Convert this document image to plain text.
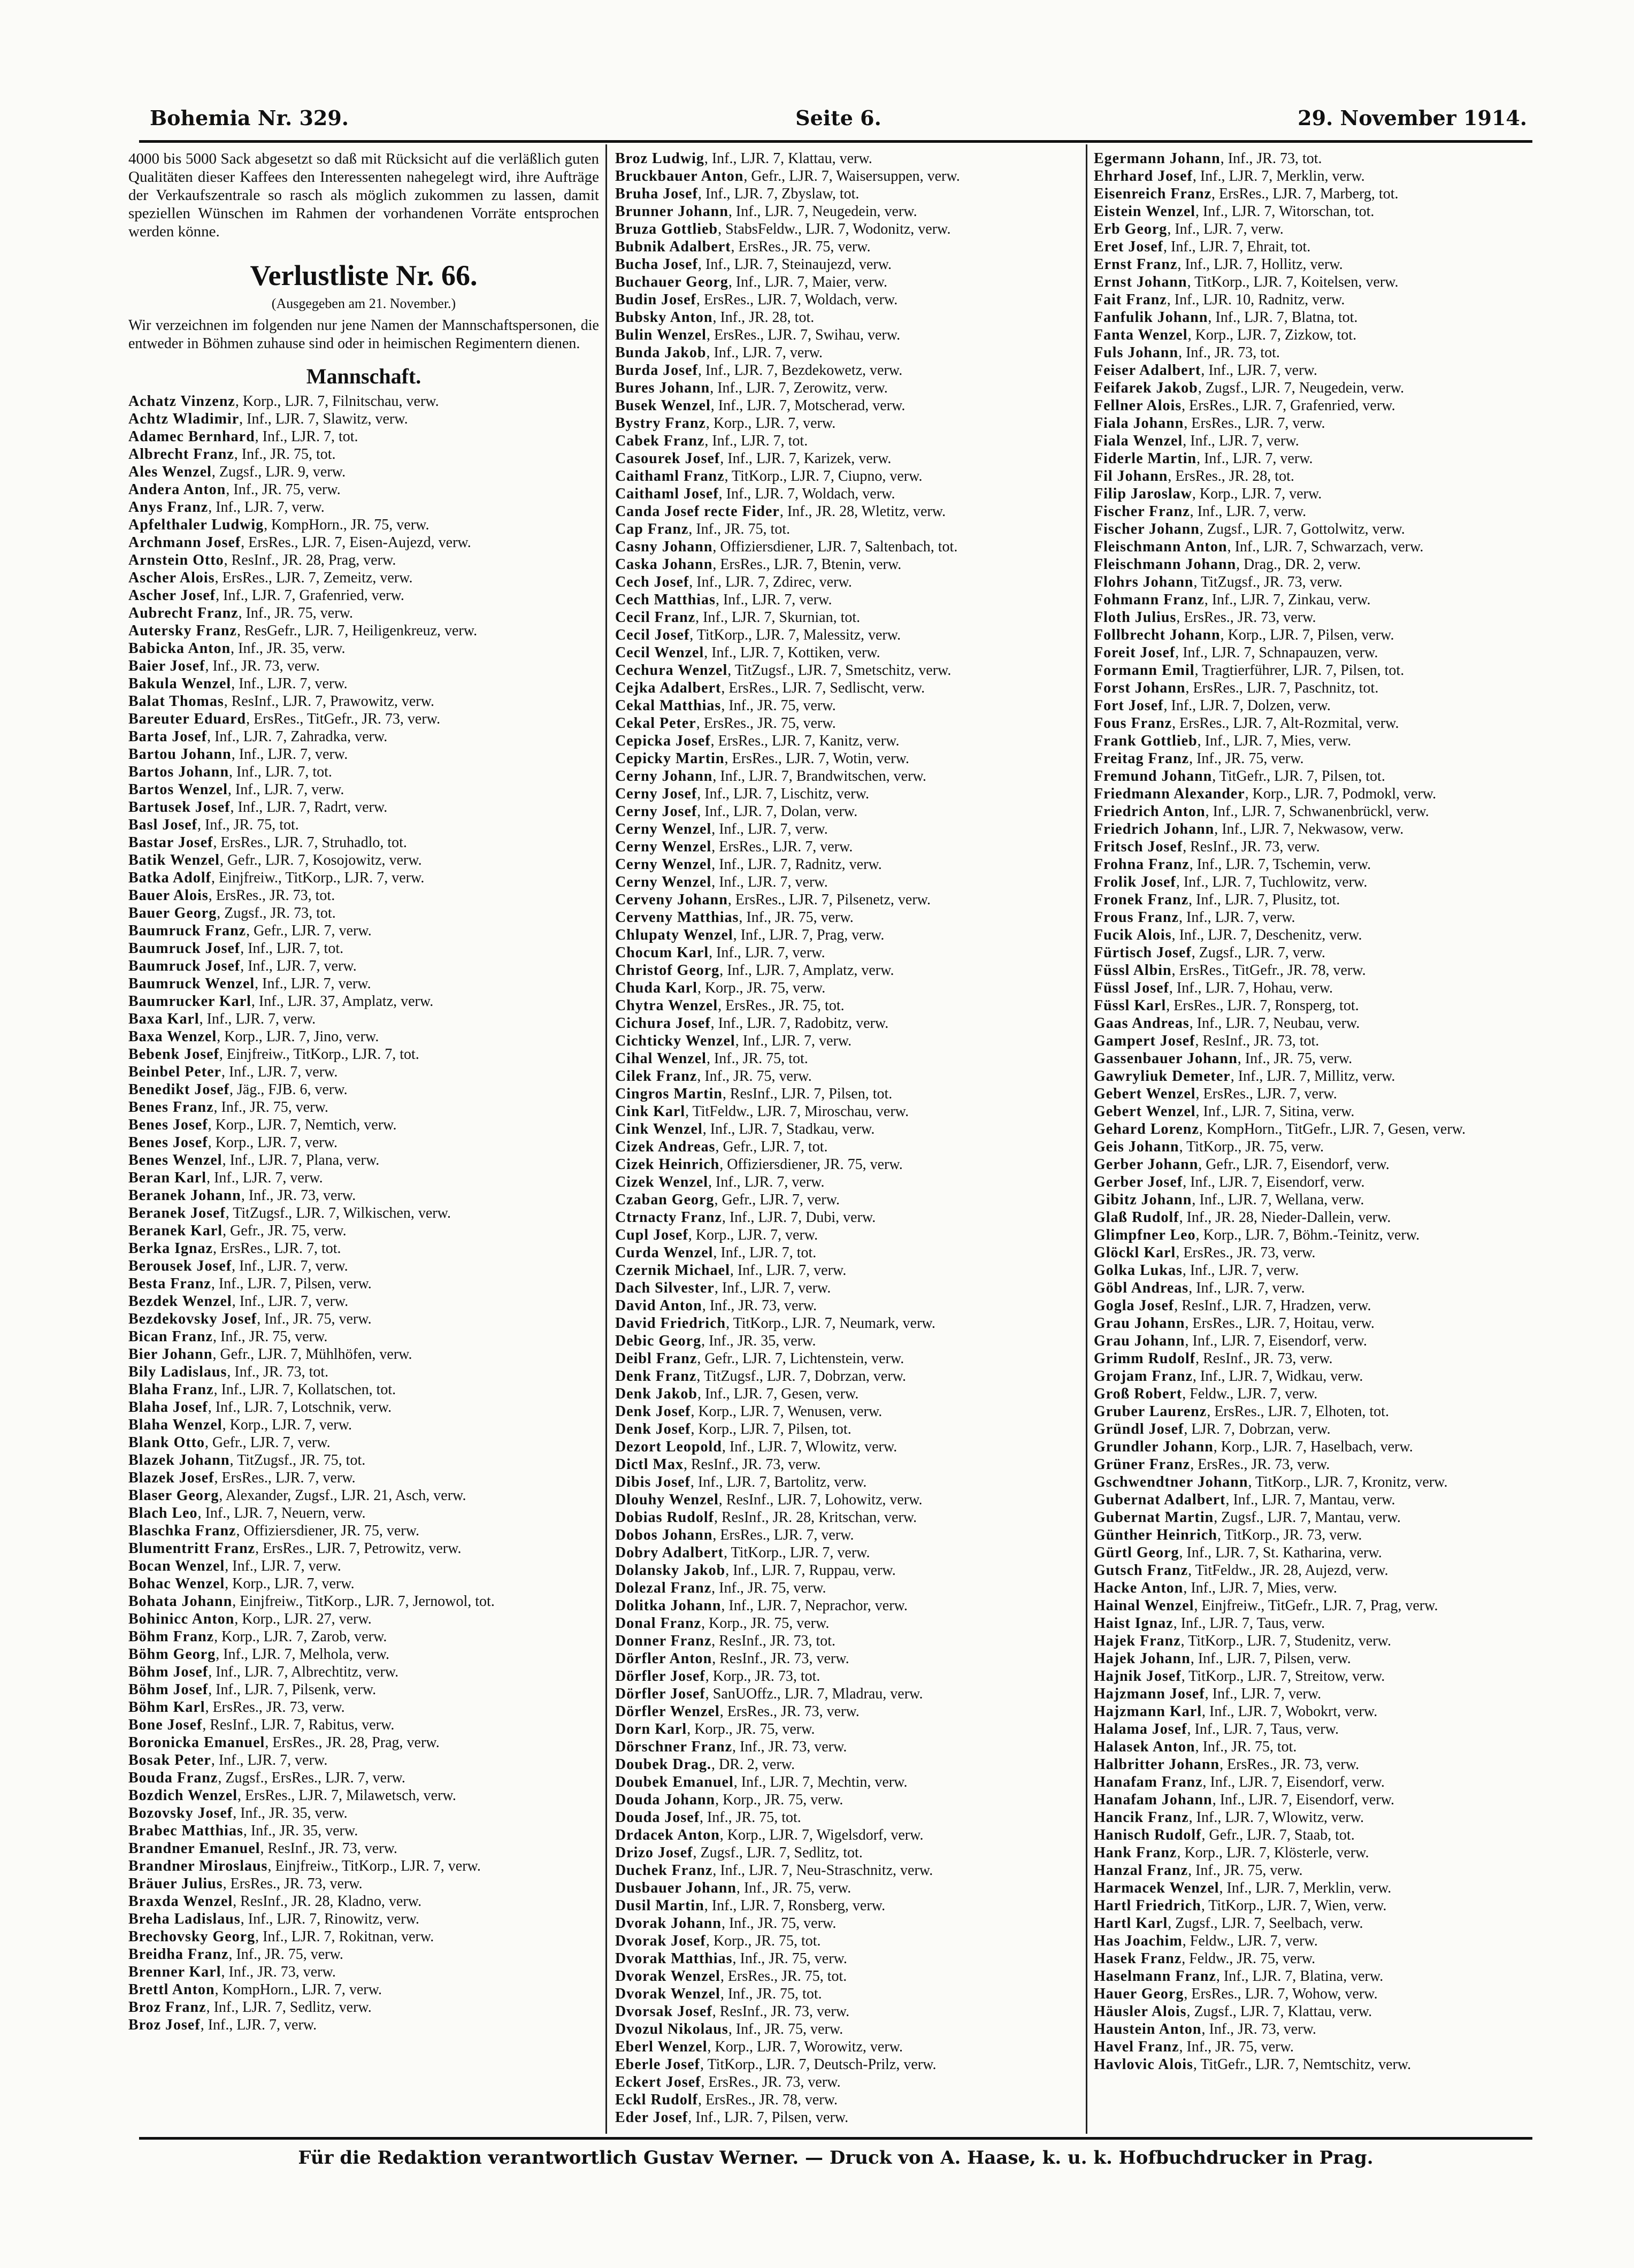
Bohemia Nr. 329.	Seite 6.	29. November 1914.
4000 bis 5000 Sack abgesetzt so daß mit Rücksicht auf die verläßlich guten Qualitäten dieser Kaffees den Interessenten nahegelegt wird, ihre Aufträge der Verkaufszentrale so rasch als möglich zukommen zu lassen, damit speziellen Wünschen im Rahmen der vorhandenen Vorräte entsprochen werden könne.
Verlustliste Nr. 66.
(Ausgegeben am 21. November.)
Wir verzeichnen im folgenden nur jene Namen der Mannschaftspersonen, die entweder in Böhmen zuhause sind oder in heimischen Regimentern dienen.
Mannschaft.
Achatz Vinzenz, Korp., LJR. 7, Filnitschau, verw.
Achtz Wladimir, Inf., LJR. 7, Slawitz, verw.
Adamec Bernhard, Inf., LJR. 7, tot.
Albrecht Franz, Inf., JR. 75, tot.
Ales Wenzel, Zugsf., LJR. 9, verw.
Andera Anton, Inf., JR. 75, verw.
Anys Franz, Inf., LJR. 7, verw.
Apfelthaler Ludwig, KompHorn., JR. 75, verw.
Archmann Josef, ErsRes., LJR. 7, Eisen-Aujezd, verw.
Arnstein Otto, ResInf., JR. 28, Prag, verw.
Ascher Alois, ErsRes., LJR. 7, Zemeitz, verw.
Ascher Josef, Inf., LJR. 7, Grafenried, verw.
Aubrecht Franz, Inf., JR. 75, verw.
Autersky Franz, ResGefr., LJR. 7, Heiligenkreuz, verw.
Babicka Anton, Inf., JR. 35, verw.
Baier Josef, Inf., JR. 73, verw.
Bakula Wenzel, Inf., LJR. 7, verw.
Balat Thomas, ResInf., LJR. 7, Prawowitz, verw.
Bareuter Eduard, ErsRes., TitGefr., JR. 73, verw.
Barta Josef, Inf., LJR. 7, Zahradka, verw.
Bartou Johann, Inf., LJR. 7, verw.
Bartos Johann, Inf., LJR. 7, tot.
Bartos Wenzel, Inf., LJR. 7, verw.
Bartusek Josef, Inf., LJR. 7, Radrt, verw.
Basl Josef, Inf., JR. 75, tot.
Bastar Josef, ErsRes., LJR. 7, Struhadlo, tot.
Batik Wenzel, Gefr., LJR. 7, Kosojowitz, verw.
Batka Adolf, Einjfreiw., TitKorp., LJR. 7, verw.
Bauer Alois, ErsRes., JR. 73, tot.
Bauer Georg, Zugsf., JR. 73, tot.
Baumruck Franz, Gefr., LJR. 7, verw.
Baumruck Josef, Inf., LJR. 7, tot.
Baumruck Josef, Inf., LJR. 7, verw.
Baumruck Wenzel, Inf., LJR. 7, verw.
Baumrucker Karl, Inf., LJR. 37, Amplatz, verw.
Baxa Karl, Inf., LJR. 7, verw.
Baxa Wenzel, Korp., LJR. 7, Jino, verw.
Bebenk Josef, Einjfreiw., TitKorp., LJR. 7, tot.
Beinbel Peter, Inf., LJR. 7, verw.
Benedikt Josef, Jäg., FJB. 6, verw.
Benes Franz, Inf., JR. 75, verw.
Benes Josef, Korp., LJR. 7, Nemtich, verw.
Benes Josef, Korp., LJR. 7, verw.
Benes Wenzel, Inf., LJR. 7, Plana, verw.
Beran Karl, Inf., LJR. 7, verw.
Beranek Johann, Inf., JR. 73, verw.
Beranek Josef, TitZugsf., LJR. 7, Wilkischen, verw.
Beranek Karl, Gefr., JR. 75, verw.
Berka Ignaz, ErsRes., LJR. 7, tot.
Berousek Josef, Inf., LJR. 7, verw.
Besta Franz, Inf., LJR. 7, Pilsen, verw.
Bezdek Wenzel, Inf., LJR. 7, verw.
Bezdekovsky Josef, Inf., JR. 75, verw.
Bican Franz, Inf., JR. 75, verw.
Bier Johann, Gefr., LJR. 7, Mühlhöfen, verw.
Bily Ladislaus, Inf., JR. 73, tot.
Blaha Franz, Inf., LJR. 7, Kollatschen, tot.
Blaha Josef, Inf., LJR. 7, Lotschnik, verw.
Blaha Wenzel, Korp., LJR. 7, verw.
Blank Otto, Gefr., LJR. 7, verw.
Blazek Johann, TitZugsf., JR. 75, tot.
Blazek Josef, ErsRes., LJR. 7, verw.
Blaser Georg, Alexander, Zugsf., LJR. 21, Asch, verw.
Blach Leo, Inf., LJR. 7, Neuern, verw.
Blaschka Franz, Offiziersdiener, JR. 75, verw.
Blumentritt Franz, ErsRes., LJR. 7, Petrowitz, verw.
Bocan Wenzel, Inf., LJR. 7, verw.
Bohac Wenzel, Korp., LJR. 7, verw.
Bohata Johann, Einjfreiw., TitKorp., LJR. 7, Jernowol, tot.
Bohinicc Anton, Korp., LJR. 27, verw.
Böhm Franz, Korp., LJR. 7, Zarob, verw.
Böhm Georg, Inf., LJR. 7, Melhola, verw.
Böhm Josef, Inf., LJR. 7, Albrechtitz, verw.
Böhm Josef, Inf., LJR. 7, Pilsenk, verw.
Böhm Karl, ErsRes., JR. 73, verw.
Bone Josef, ResInf., LJR. 7, Rabitus, verw.
Boronicka Emanuel, ErsRes., JR. 28, Prag, verw.
Bosak Peter, Inf., LJR. 7, verw.
Bouda Franz, Zugsf., ErsRes., LJR. 7, verw.
Bozdich Wenzel, ErsRes., LJR. 7, Milawetsch, verw.
Bozovsky Josef, Inf., JR. 35, verw.
Brabec Matthias, Inf., JR. 35, verw.
Brandner Emanuel, ResInf., JR. 73, verw.
Brandner Miroslaus, Einjfreiw., TitKorp., LJR. 7, verw.
Bräuer Julius, ErsRes., JR. 73, verw.
Braxda Wenzel, ResInf., JR. 28, Kladno, verw.
Breha Ladislaus, Inf., LJR. 7, Rinowitz, verw.
Brechovsky Georg, Inf., LJR. 7, Rokitnan, verw.
Breidha Franz, Inf., JR. 75, verw.
Brenner Karl, Inf., JR. 73, verw.
Brettl Anton, KompHorn., LJR. 7, verw.
Broz Franz, Inf., LJR. 7, Sedlitz, verw.
Broz Josef, Inf., LJR. 7, verw.
Broz Ludwig, Inf., LJR. 7, Klattau, verw.
Bruckbauer Anton, Gefr., LJR. 7, Waisersuppen, verw.
Bruha Josef, Inf., LJR. 7, Zbyslaw, tot.
Brunner Johann, Inf., LJR. 7, Neugedein, verw.
Bruza Gottlieb, StabsFeldw., LJR. 7, Wodonitz, verw.
Bubnik Adalbert, ErsRes., JR. 75, verw.
Bucha Josef, Inf., LJR. 7, Steinaujezd, verw.
Buchauer Georg, Inf., LJR. 7, Maier, verw.
Budin Josef, ErsRes., LJR. 7, Woldach, verw.
Bubsky Anton, Inf., JR. 28, tot.
Bulin Wenzel, ErsRes., LJR. 7, Swihau, verw.
Bunda Jakob, Inf., LJR. 7, verw.
Burda Josef, Inf., LJR. 7, Bezdekowetz, verw.
Bures Johann, Inf., LJR. 7, Zerowitz, verw.
Busek Wenzel, Inf., LJR. 7, Motscherad, verw.
Bystry Franz, Korp., LJR. 7, verw.
Cabek Franz, Inf., LJR. 7, tot.
Casourek Josef, Inf., LJR. 7, Karizek, verw.
Caithaml Franz, TitKorp., LJR. 7, Ciupno, verw.
Caithaml Josef, Inf., LJR. 7, Woldach, verw.
Canda Josef recte Fider, Inf., JR. 28, Wletitz, verw.
Cap Franz, Inf., JR. 75, tot.
Casny Johann, Offiziersdiener, LJR. 7, Saltenbach, tot.
Caska Johann, ErsRes., LJR. 7, Btenin, verw.
Cech Josef, Inf., LJR. 7, Zdirec, verw.
Cech Matthias, Inf., LJR. 7, verw.
Cecil Franz, Inf., LJR. 7, Skurnian, tot.
Cecil Josef, TitKorp., LJR. 7, Malessitz, verw.
Cecil Wenzel, Inf., LJR. 7, Kottiken, verw.
Cechura Wenzel, TitZugsf., LJR. 7, Smetschitz, verw.
Cejka Adalbert, ErsRes., LJR. 7, Sedlischt, verw.
Cekal Matthias, Inf., JR. 75, verw.
Cekal Peter, ErsRes., JR. 75, verw.
Cepicka Josef, ErsRes., LJR. 7, Kanitz, verw.
Cepicky Martin, ErsRes., LJR. 7, Wotin, verw.
Cerny Johann, Inf., LJR. 7, Brandwitschen, verw.
Cerny Josef, Inf., LJR. 7, Lischitz, verw.
Cerny Josef, Inf., LJR. 7, Dolan, verw.
Cerny Wenzel, Inf., LJR. 7, verw.
Cerny Wenzel, ErsRes., LJR. 7, verw.
Cerny Wenzel, Inf., LJR. 7, Radnitz, verw.
Cerny Wenzel, Inf., LJR. 7, verw.
Cerveny Johann, ErsRes., LJR. 7, Pilsenetz, verw.
Cerveny Matthias, Inf., JR. 75, verw.
Chlupaty Wenzel, Inf., LJR. 7, Prag, verw.
Chocum Karl, Inf., LJR. 7, verw.
Christof Georg, Inf., LJR. 7, Amplatz, verw.
Chuda Karl, Korp., JR. 75, verw.
Chytra Wenzel, ErsRes., JR. 75, tot.
Cichura Josef, Inf., LJR. 7, Radobitz, verw.
Cichticky Wenzel, Inf., LJR. 7, verw.
Cihal Wenzel, Inf., JR. 75, tot.
Cilek Franz, Inf., JR. 75, verw.
Cingros Martin, ResInf., LJR. 7, Pilsen, tot.
Cink Karl, TitFeldw., LJR. 7, Miroschau, verw.
Cink Wenzel, Inf., LJR. 7, Stadkau, verw.
Cizek Andreas, Gefr., LJR. 7, tot.
Cizek Heinrich, Offiziersdiener, JR. 75, verw.
Cizek Wenzel, Inf., LJR. 7, verw.
Czaban Georg, Gefr., LJR. 7, verw.
Ctrnacty Franz, Inf., LJR. 7, Dubi, verw.
Cupl Josef, Korp., LJR. 7, verw.
Curda Wenzel, Inf., LJR. 7, tot.
Czernik Michael, Inf., LJR. 7, verw.
Dach Silvester, Inf., LJR. 7, verw.
David Anton, Inf., JR. 73, verw.
David Friedrich, TitKorp., LJR. 7, Neumark, verw.
Debic Georg, Inf., JR. 35, verw.
Deibl Franz, Gefr., LJR. 7, Lichtenstein, verw.
Denk Franz, TitZugsf., LJR. 7, Dobrzan, verw.
Denk Jakob, Inf., LJR. 7, Gesen, verw.
Denk Josef, Korp., LJR. 7, Wenusen, verw.
Denk Josef, Korp., LJR. 7, Pilsen, tot.
Dezort Leopold, Inf., LJR. 7, Wlowitz, verw.
Dictl Max, ResInf., JR. 73, verw.
Dibis Josef, Inf., LJR. 7, Bartolitz, verw.
Dlouhy Wenzel, ResInf., LJR. 7, Lohowitz, verw.
Dobias Rudolf, ResInf., JR. 28, Kritschan, verw.
Dobos Johann, ErsRes., LJR. 7, verw.
Dobry Adalbert, TitKorp., LJR. 7, verw.
Dolansky Jakob, Inf., LJR. 7, Ruppau, verw.
Dolezal Franz, Inf., JR. 75, verw.
Dolitka Johann, Inf., LJR. 7, Neprachor, verw.
Donal Franz, Korp., JR. 75, verw.
Donner Franz, ResInf., JR. 73, tot.
Dörfler Anton, ResInf., JR. 73, verw.
Dörfler Josef, Korp., JR. 73, tot.
Dörfler Josef, SanUOffz., LJR. 7, Mladrau, verw.
Dörfler Wenzel, ErsRes., JR. 73, verw.
Dorn Karl, Korp., JR. 75, verw.
Dörschner Franz, Inf., JR. 73, verw.
Doubek Drag., DR. 2, verw.
Doubek Emanuel, Inf., LJR. 7, Mechtin, verw.
Douda Johann, Korp., JR. 75, verw.
Douda Josef, Inf., JR. 75, tot.
Drdacek Anton, Korp., LJR. 7, Wigelsdorf, verw.
Drizo Josef, Zugsf., LJR. 7, Sedlitz, tot.
Duchek Franz, Inf., LJR. 7, Neu-Straschnitz, verw.
Dusbauer Johann, Inf., JR. 75, verw.
Dusil Martin, Inf., LJR. 7, Ronsberg, verw.
Dvorak Johann, Inf., JR. 75, verw.
Dvorak Josef, Korp., JR. 75, tot.
Dvorak Matthias, Inf., JR. 75, verw.
Dvorak Wenzel, ErsRes., JR. 75, tot.
Dvorak Wenzel, Inf., JR. 75, tot.
Dvorsak Josef, ResInf., JR. 73, verw.
Dvozul Nikolaus, Inf., JR. 75, verw.
Eberl Wenzel, Korp., LJR. 7, Worowitz, verw.
Eberle Josef, TitKorp., LJR. 7, Deutsch-Prilz, verw.
Eckert Josef, ErsRes., JR. 73, verw.
Eckl Rudolf, ErsRes., JR. 78, verw.
Eder Josef, Inf., LJR. 7, Pilsen, verw.
Egermann Johann, Inf., JR. 73, tot.
Ehrhard Josef, Inf., LJR. 7, Merklin, verw.
Eisenreich Franz, ErsRes., LJR. 7, Marberg, tot.
Eistein Wenzel, Inf., LJR. 7, Witorschan, tot.
Erb Georg, Inf., LJR. 7, verw.
Eret Josef, Inf., LJR. 7, Ehrait, tot.
Ernst Franz, Inf., LJR. 7, Hollitz, verw.
Ernst Johann, TitKorp., LJR. 7, Koitelsen, verw.
Fait Franz, Inf., LJR. 10, Radnitz, verw.
Fanfulik Johann, Inf., LJR. 7, Blatna, tot.
Fanta Wenzel, Korp., LJR. 7, Zizkow, tot.
Fuls Johann, Inf., JR. 73, tot.
Feiser Adalbert, Inf., LJR. 7, verw.
Feifarek Jakob, Zugsf., LJR. 7, Neugedein, verw.
Fellner Alois, ErsRes., LJR. 7, Grafenried, verw.
Fiala Johann, ErsRes., LJR. 7, verw.
Fiala Wenzel, Inf., LJR. 7, verw.
Fiderle Martin, Inf., LJR. 7, verw.
Fil Johann, ErsRes., JR. 28, tot.
Filip Jaroslaw, Korp., LJR. 7, verw.
Fischer Franz, Inf., LJR. 7, verw.
Fischer Johann, Zugsf., LJR. 7, Gottolwitz, verw.
Fleischmann Anton, Inf., LJR. 7, Schwarzach, verw.
Fleischmann Johann, Drag., DR. 2, verw.
Flohrs Johann, TitZugsf., JR. 73, verw.
Fohmann Franz, Inf., LJR. 7, Zinkau, verw.
Floth Julius, ErsRes., JR. 73, verw.
Follbrecht Johann, Korp., LJR. 7, Pilsen, verw.
Foreit Josef, Inf., LJR. 7, Schnapauzen, verw.
Formann Emil, Tragtierführer, LJR. 7, Pilsen, tot.
Forst Johann, ErsRes., LJR. 7, Paschnitz, tot.
Fort Josef, Inf., LJR. 7, Dolzen, verw.
Fous Franz, ErsRes., LJR. 7, Alt-Rozmital, verw.
Frank Gottlieb, Inf., LJR. 7, Mies, verw.
Freitag Franz, Inf., JR. 75, verw.
Fremund Johann, TitGefr., LJR. 7, Pilsen, tot.
Friedmann Alexander, Korp., LJR. 7, Podmokl, verw.
Friedrich Anton, Inf., LJR. 7, Schwanenbrückl, verw.
Friedrich Johann, Inf., LJR. 7, Nekwasow, verw.
Fritsch Josef, ResInf., JR. 73, verw.
Frohna Franz, Inf., LJR. 7, Tschemin, verw.
Frolik Josef, Inf., LJR. 7, Tuchlowitz, verw.
Fronek Franz, Inf., LJR. 7, Plusitz, tot.
Frous Franz, Inf., LJR. 7, verw.
Fucik Alois, Inf., LJR. 7, Deschenitz, verw.
Fürtisch Josef, Zugsf., LJR. 7, verw.
Füssl Albin, ErsRes., TitGefr., JR. 78, verw.
Füssl Josef, Inf., LJR. 7, Hohau, verw.
Füssl Karl, ErsRes., LJR. 7, Ronsperg, tot.
Gaas Andreas, Inf., LJR. 7, Neubau, verw.
Gampert Josef, ResInf., JR. 73, tot.
Gassenbauer Johann, Inf., JR. 75, verw.
Gawryliuk Demeter, Inf., LJR. 7, Millitz, verw.
Gebert Wenzel, ErsRes., LJR. 7, verw.
Gebert Wenzel, Inf., LJR. 7, Sitina, verw.
Gehard Lorenz, KompHorn., TitGefr., LJR. 7, Gesen, verw.
Geis Johann, TitKorp., JR. 75, verw.
Gerber Johann, Gefr., LJR. 7, Eisendorf, verw.
Gerber Josef, Inf., LJR. 7, Eisendorf, verw.
Gibitz Johann, Inf., LJR. 7, Wellana, verw.
Glaß Rudolf, Inf., JR. 28, Nieder-Dallein, verw.
Glimpfner Leo, Korp., LJR. 7, Böhm.-Teinitz, verw.
Glöckl Karl, ErsRes., JR. 73, verw.
Golka Lukas, Inf., LJR. 7, verw.
Göbl Andreas, Inf., LJR. 7, verw.
Gogla Josef, ResInf., LJR. 7, Hradzen, verw.
Grau Johann, ErsRes., LJR. 7, Hoitau, verw.
Grau Johann, Inf., LJR. 7, Eisendorf, verw.
Grimm Rudolf, ResInf., JR. 73, verw.
Grojam Franz, Inf., LJR. 7, Widkau, verw.
Groß Robert, Feldw., LJR. 7, verw.
Gruber Laurenz, ErsRes., LJR. 7, Elhoten, tot.
Gründl Josef, LJR. 7, Dobrzan, verw.
Grundler Johann, Korp., LJR. 7, Haselbach, verw.
Grüner Franz, ErsRes., JR. 73, verw.
Gschwendtner Johann, TitKorp., LJR. 7, Kronitz, verw.
Gubernat Adalbert, Inf., LJR. 7, Mantau, verw.
Gubernat Martin, Zugsf., LJR. 7, Mantau, verw.
Günther Heinrich, TitKorp., JR. 73, verw.
Gürtl Georg, Inf., LJR. 7, St. Katharina, verw.
Gutsch Franz, TitFeldw., JR. 28, Aujezd, verw.
Hacke Anton, Inf., LJR. 7, Mies, verw.
Hainal Wenzel, Einjfreiw., TitGefr., LJR. 7, Prag, verw.
Haist Ignaz, Inf., LJR. 7, Taus, verw.
Hajek Franz, TitKorp., LJR. 7, Studenitz, verw.
Hajek Johann, Inf., LJR. 7, Pilsen, verw.
Hajnik Josef, TitKorp., LJR. 7, Streitow, verw.
Hajzmann Josef, Inf., LJR. 7, verw.
Hajzmann Karl, Inf., LJR. 7, Wobokrt, verw.
Halama Josef, Inf., LJR. 7, Taus, verw.
Halasek Anton, Inf., JR. 75, tot.
Halbritter Johann, ErsRes., JR. 73, verw.
Hanafam Franz, Inf., LJR. 7, Eisendorf, verw.
Hanafam Johann, Inf., LJR. 7, Eisendorf, verw.
Hancik Franz, Inf., LJR. 7, Wlowitz, verw.
Hanisch Rudolf, Gefr., LJR. 7, Staab, tot.
Hank Franz, Korp., LJR. 7, Klösterle, verw.
Hanzal Franz, Inf., JR. 75, verw.
Harmacek Wenzel, Inf., LJR. 7, Merklin, verw.
Hartl Friedrich, TitKorp., LJR. 7, Wien, verw.
Hartl Karl, Zugsf., LJR. 7, Seelbach, verw.
Has Joachim, Feldw., LJR. 7, verw.
Hasek Franz, Feldw., JR. 75, verw.
Haselmann Franz, Inf., LJR. 7, Blatina, verw.
Hauer Georg, ErsRes., LJR. 7, Wohow, verw.
Häusler Alois, Zugsf., LJR. 7, Klattau, verw.
Haustein Anton, Inf., JR. 73, verw.
Havel Franz, Inf., JR. 75, verw.
Havlovic Alois, TitGefr., LJR. 7, Nemtschitz, verw.
Für die Redaktion verantwortlich Gustav Werner. — Druck von A. Haase, k. u. k. Hofbuchdrucker in Prag.
